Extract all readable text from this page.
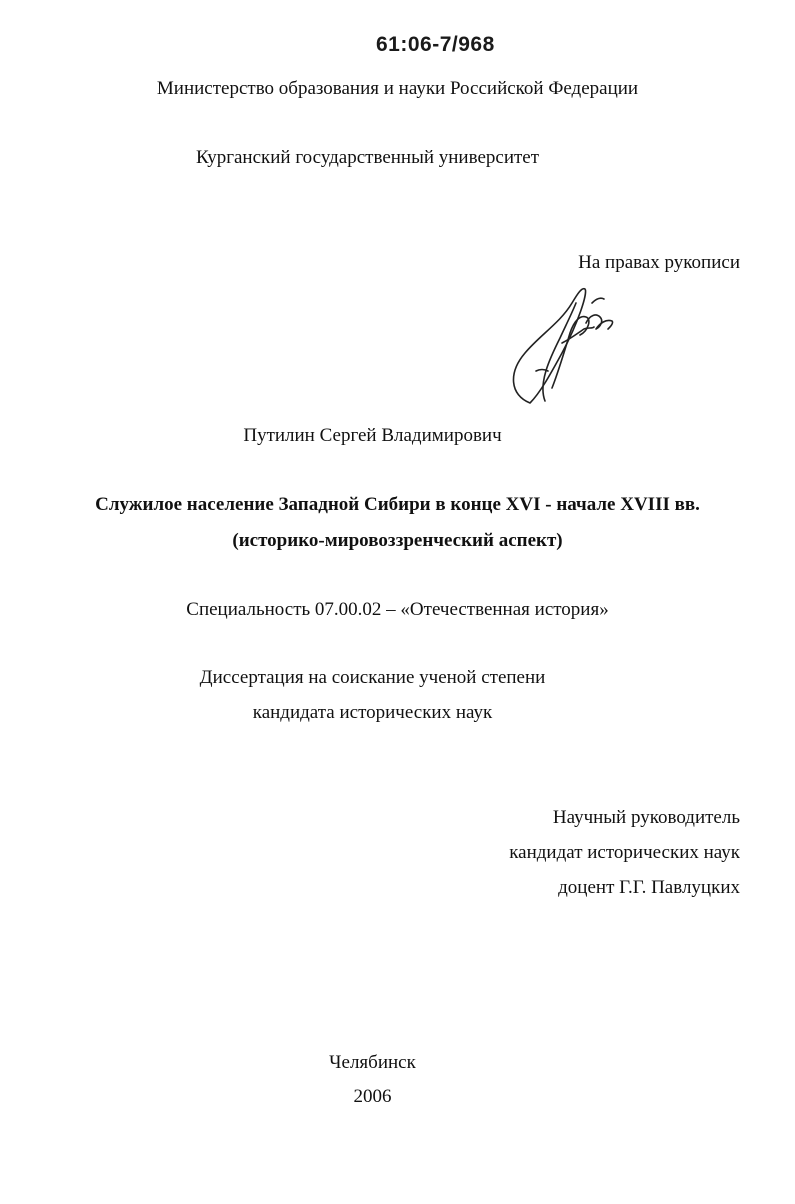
61:06-7/968
Министерство образования и науки Российской Федерации
Курганский государственный университет
На правах рукописи
Путилин Сергей Владимирович
Служилое население Западной Сибири в конце XVI - начале XVIII вв.
(историко-мировоззренческий аспект)
Специальность 07.00.02 – «Отечественная история»
Диссертация на соискание ученой степени
кандидата исторических наук
Научный руководитель
кандидат исторических наук
доцент Г.Г. Павлуцких
Челябинск
2006
